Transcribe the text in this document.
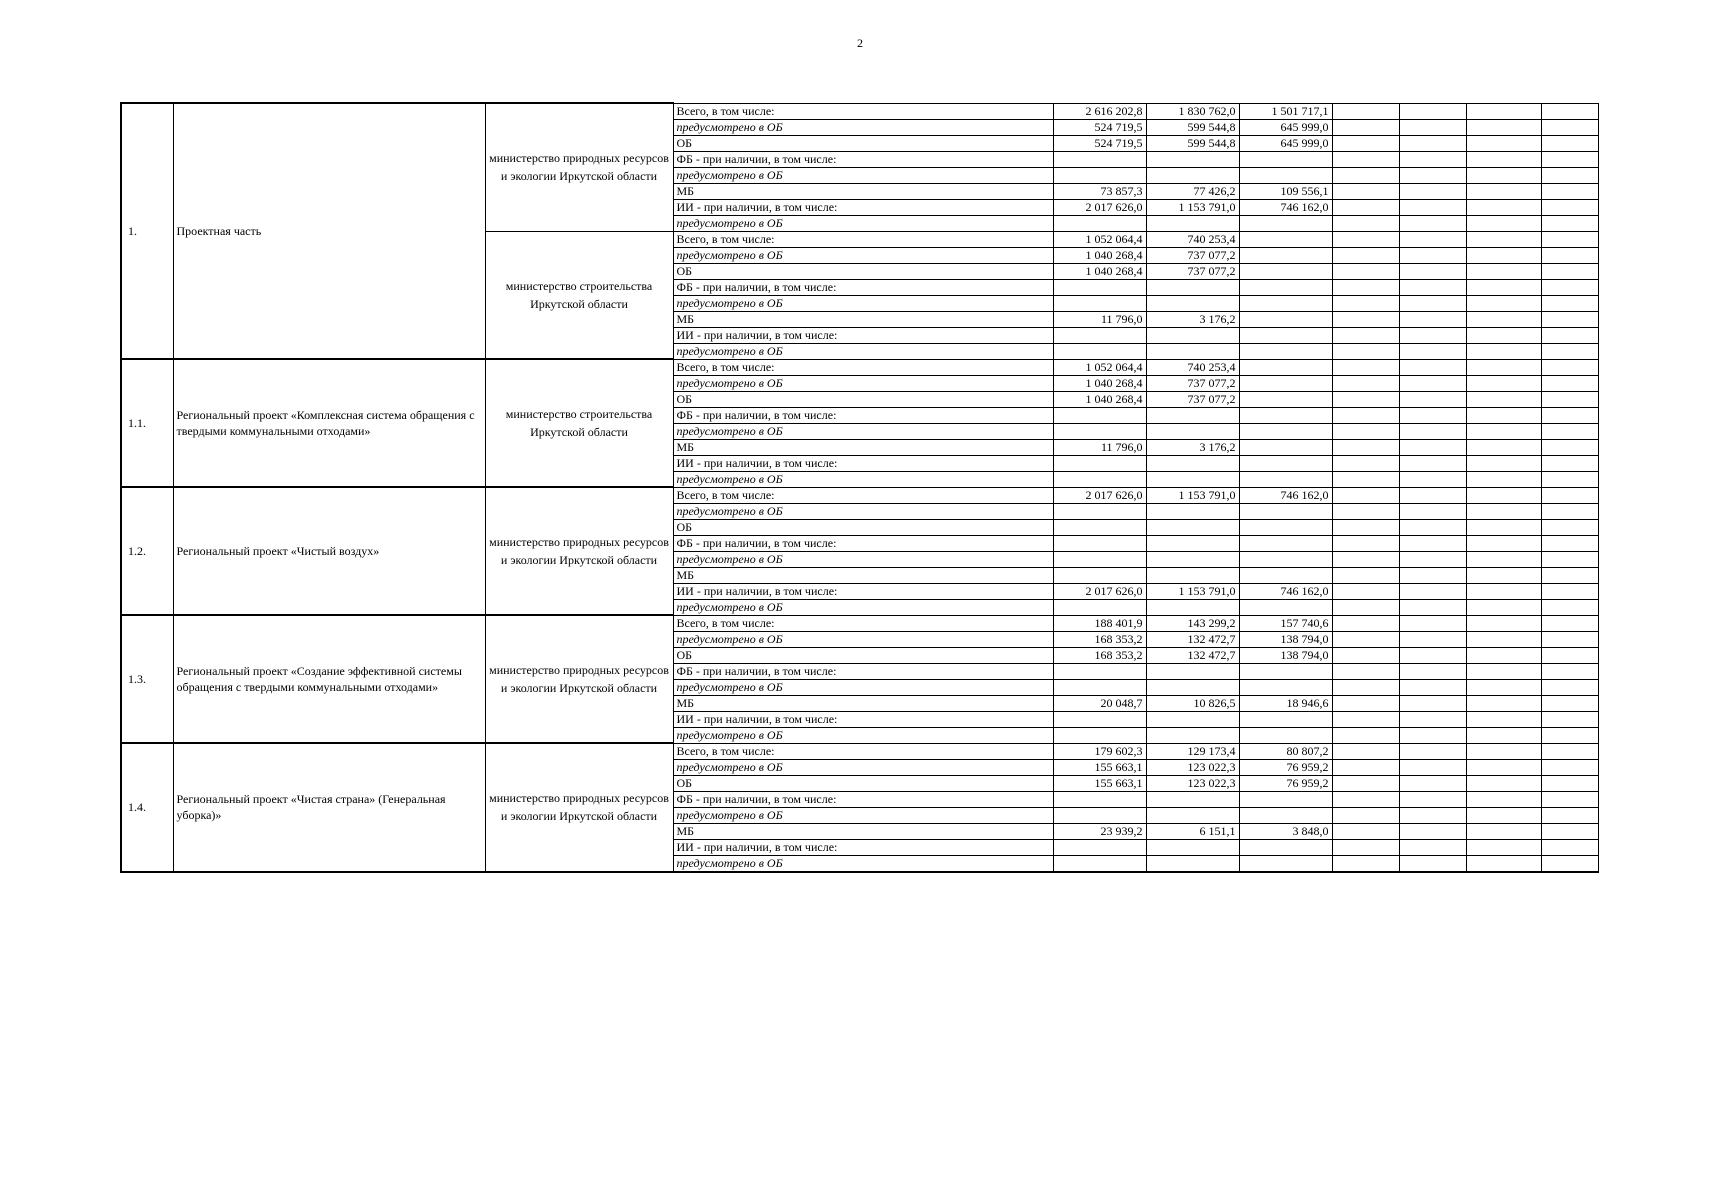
2
1.	Проектная часть	министерство природных ресурсов и экологии Иркутской области	Всего, в том числе:	2 616 202,8	1 830 762,0	1 501 717,1				
			предусмотрено в ОБ	524 719,5	599 544,8	645 999,0				
			ОБ	524 719,5	599 544,8	645 999,0				
			ФБ - при наличии, в том числе:							
			предусмотрено в ОБ							
			МБ	73 857,3	77 426,2	109 556,1				
			ИИ - при наличии, в том числе:	2 017 626,0	1 153 791,0	746 162,0				
			предусмотрено в ОБ							
		министерство строительства Иркутской области	Всего, в том числе:	1 052 064,4	740 253,4					
			предусмотрено в ОБ	1 040 268,4	737 077,2					
			ОБ	1 040 268,4	737 077,2					
			ФБ - при наличии, в том числе:							
			предусмотрено в ОБ							
			МБ	11 796,0	3 176,2					
			ИИ - при наличии, в том числе:							
			предусмотрено в ОБ							
1.1.	Региональный проект «Комплексная система обращения с твердыми коммунальными отходами»	министерство строительства Иркутской области	Всего, в том числе:	1 052 064,4	740 253,4					
			предусмотрено в ОБ	1 040 268,4	737 077,2					
			ОБ	1 040 268,4	737 077,2					
			ФБ - при наличии, в том числе:							
			предусмотрено в ОБ							
			МБ	11 796,0	3 176,2					
			ИИ - при наличии, в том числе:							
			предусмотрено в ОБ							
1.2.	Региональный проект «Чистый воздух»	министерство природных ресурсов и экологии Иркутской области	Всего, в том числе:	2 017 626,0	1 153 791,0	746 162,0				
			предусмотрено в ОБ							
			ОБ							
			ФБ - при наличии, в том числе:							
			предусмотрено в ОБ							
			МБ							
			ИИ - при наличии, в том числе:	2 017 626,0	1 153 791,0	746 162,0				
			предусмотрено в ОБ							
1.3.	Региональный проект «Создание эффективной системы обращения с твердыми коммунальными отходами»	министерство природных ресурсов и экологии Иркутской области	Всего, в том числе:	188 401,9	143 299,2	157 740,6				
			предусмотрено в ОБ	168 353,2	132 472,7	138 794,0				
			ОБ	168 353,2	132 472,7	138 794,0				
			ФБ - при наличии, в том числе:							
			предусмотрено в ОБ							
			МБ	20 048,7	10 826,5	18 946,6				
			ИИ - при наличии, в том числе:							
			предусмотрено в ОБ							
1.4.	Региональный проект «Чистая страна» (Генеральная уборка)»	министерство природных ресурсов и экологии Иркутской области	Всего, в том числе:	179 602,3	129 173,4	80 807,2				
			предусмотрено в ОБ	155 663,1	123 022,3	76 959,2				
			ОБ	155 663,1	123 022,3	76 959,2				
			ФБ - при наличии, в том числе:							
			предусмотрено в ОБ							
			МБ	23 939,2	6 151,1	3 848,0				
			ИИ - при наличии, в том числе:							
			предусмотрено в ОБ							
